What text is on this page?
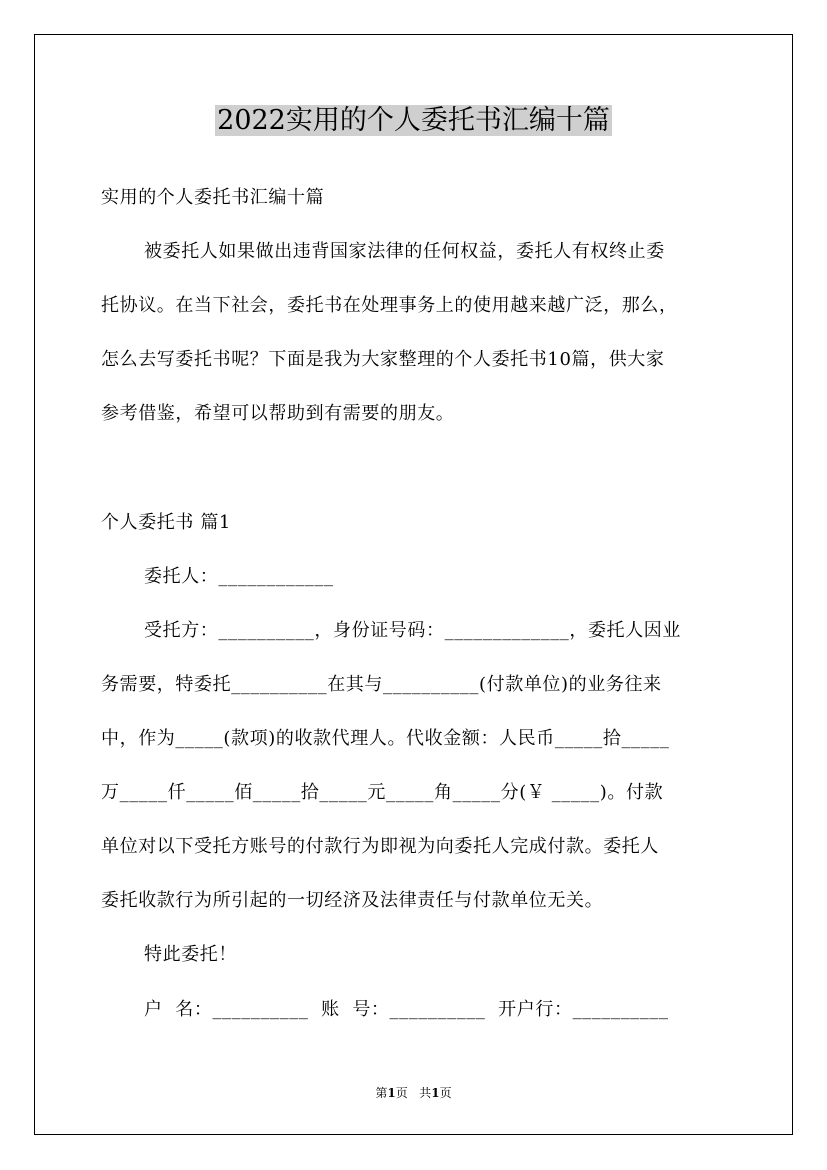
2022实用的个人委托书汇编十篇
实用的个人委托书汇编十篇
被委托人如果做出违背国家法律的任何权益，委托人有权终止委
托协议。在当下社会，委托书在处理事务上的使用越来越广泛，那么，
怎么去写委托书呢？下面是我为大家整理的个人委托书10篇，供大家
参考借鉴，希望可以帮助到有需要的朋友。
个人委托书 篇1
委托人：____________
受托方：__________，身份证号码：_____________，委托人因业
务需要，特委托__________在其与__________(付款单位)的业务往来
中，作为_____(款项)的收款代理人。代收金额：人民币_____拾_____
万_____仟_____佰_____拾_____元_____角_____分(￥ _____)。付款
单位对以下受托方账号的付款行为即视为向委托人完成付款。委托人
委托收款行为所引起的一切经济及法律责任与付款单位无关。
特此委托！
户  名：__________  账  号：__________  开户行：__________
第1页 共1页
